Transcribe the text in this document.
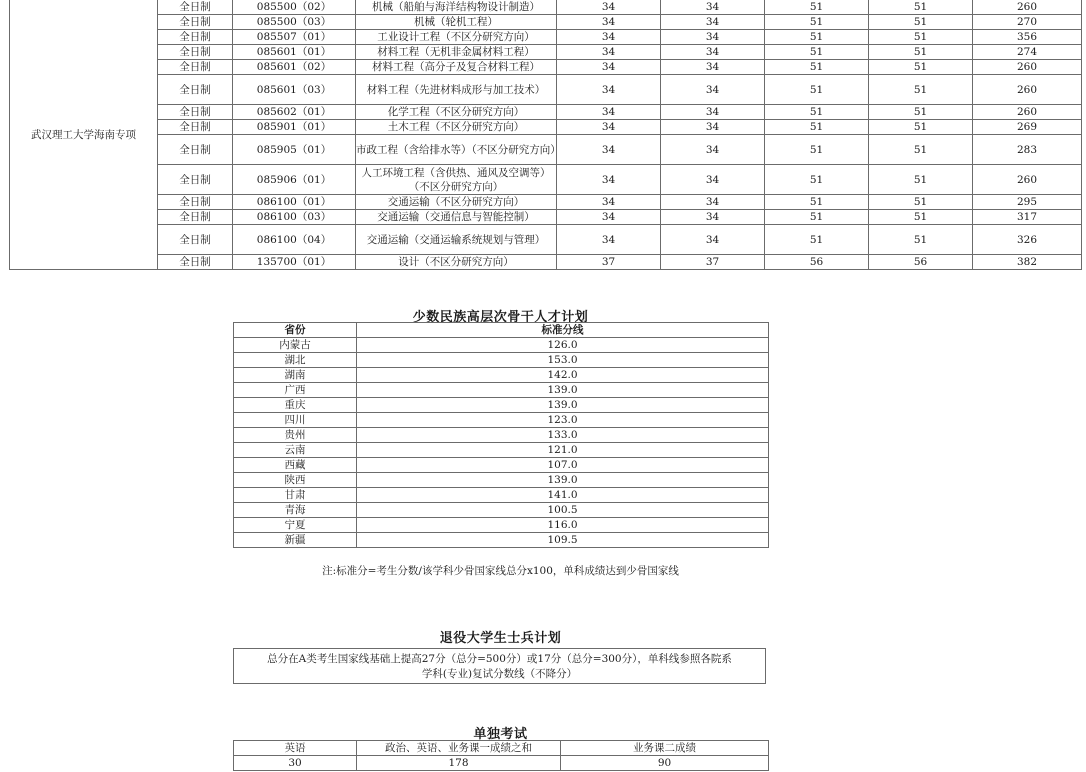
武汉理工大学海南专项	全日制	085500（02）	机械（船舶与海洋结构物设计制造）	34	34	51	51	260
	全日制	085500（03）	机械（轮机工程）	34	34	51	51	270
	全日制	085507（01）	工业设计工程（不区分研究方向）	34	34	51	51	356
	全日制	085601（01）	材料工程（无机非金属材料工程）	34	34	51	51	274
	全日制	085601（02）	材料工程（高分子及复合材料工程）	34	34	51	51	260
	全日制	085601（03）	材料工程（先进材料成形与加工技术）	34	34	51	51	260
	全日制	085602（01）	化学工程（不区分研究方向）	34	34	51	51	260
	全日制	085901（01）	土木工程（不区分研究方向）	34	34	51	51	269
	全日制	085905（01）	市政工程（含给排水等）（不区分研究方向）	34	34	51	51	283
	全日制	085906（01）	人工环境工程（含供热、通风及空调等）（不区分研究方向）	34	34	51	51	260
	全日制	086100（01）	交通运输（不区分研究方向）	34	34	51	51	295
	全日制	086100（03）	交通运输（交通信息与智能控制）	34	34	51	51	317
	全日制	086100（04）	交通运输（交通运输系统规划与管理）	34	34	51	51	326
	全日制	135700（01）	设计（不区分研究方向）	37	37	56	56	382
少数民族高层次骨干人才计划
省份	标准分线
内蒙古	126.0
湖北	153.0
湖南	142.0
广西	139.0
重庆	139.0
四川	123.0
贵州	133.0
云南	121.0
西藏	107.0
陕西	139.0
甘肃	141.0
青海	100.5
宁夏	116.0
新疆	109.5
注:标准分=考生分数/该学科少骨国家线总分x100，单科成绩达到少骨国家线
退役大学生士兵计划
总分在A类考生国家线基础上提高27分（总分=500分）或17分（总分=300分），单科线参照各院系
学科(专业)复试分数线（不降分）
单独考试
英语	政治、英语、业务课一成绩之和	业务课二成绩
30	178	90
